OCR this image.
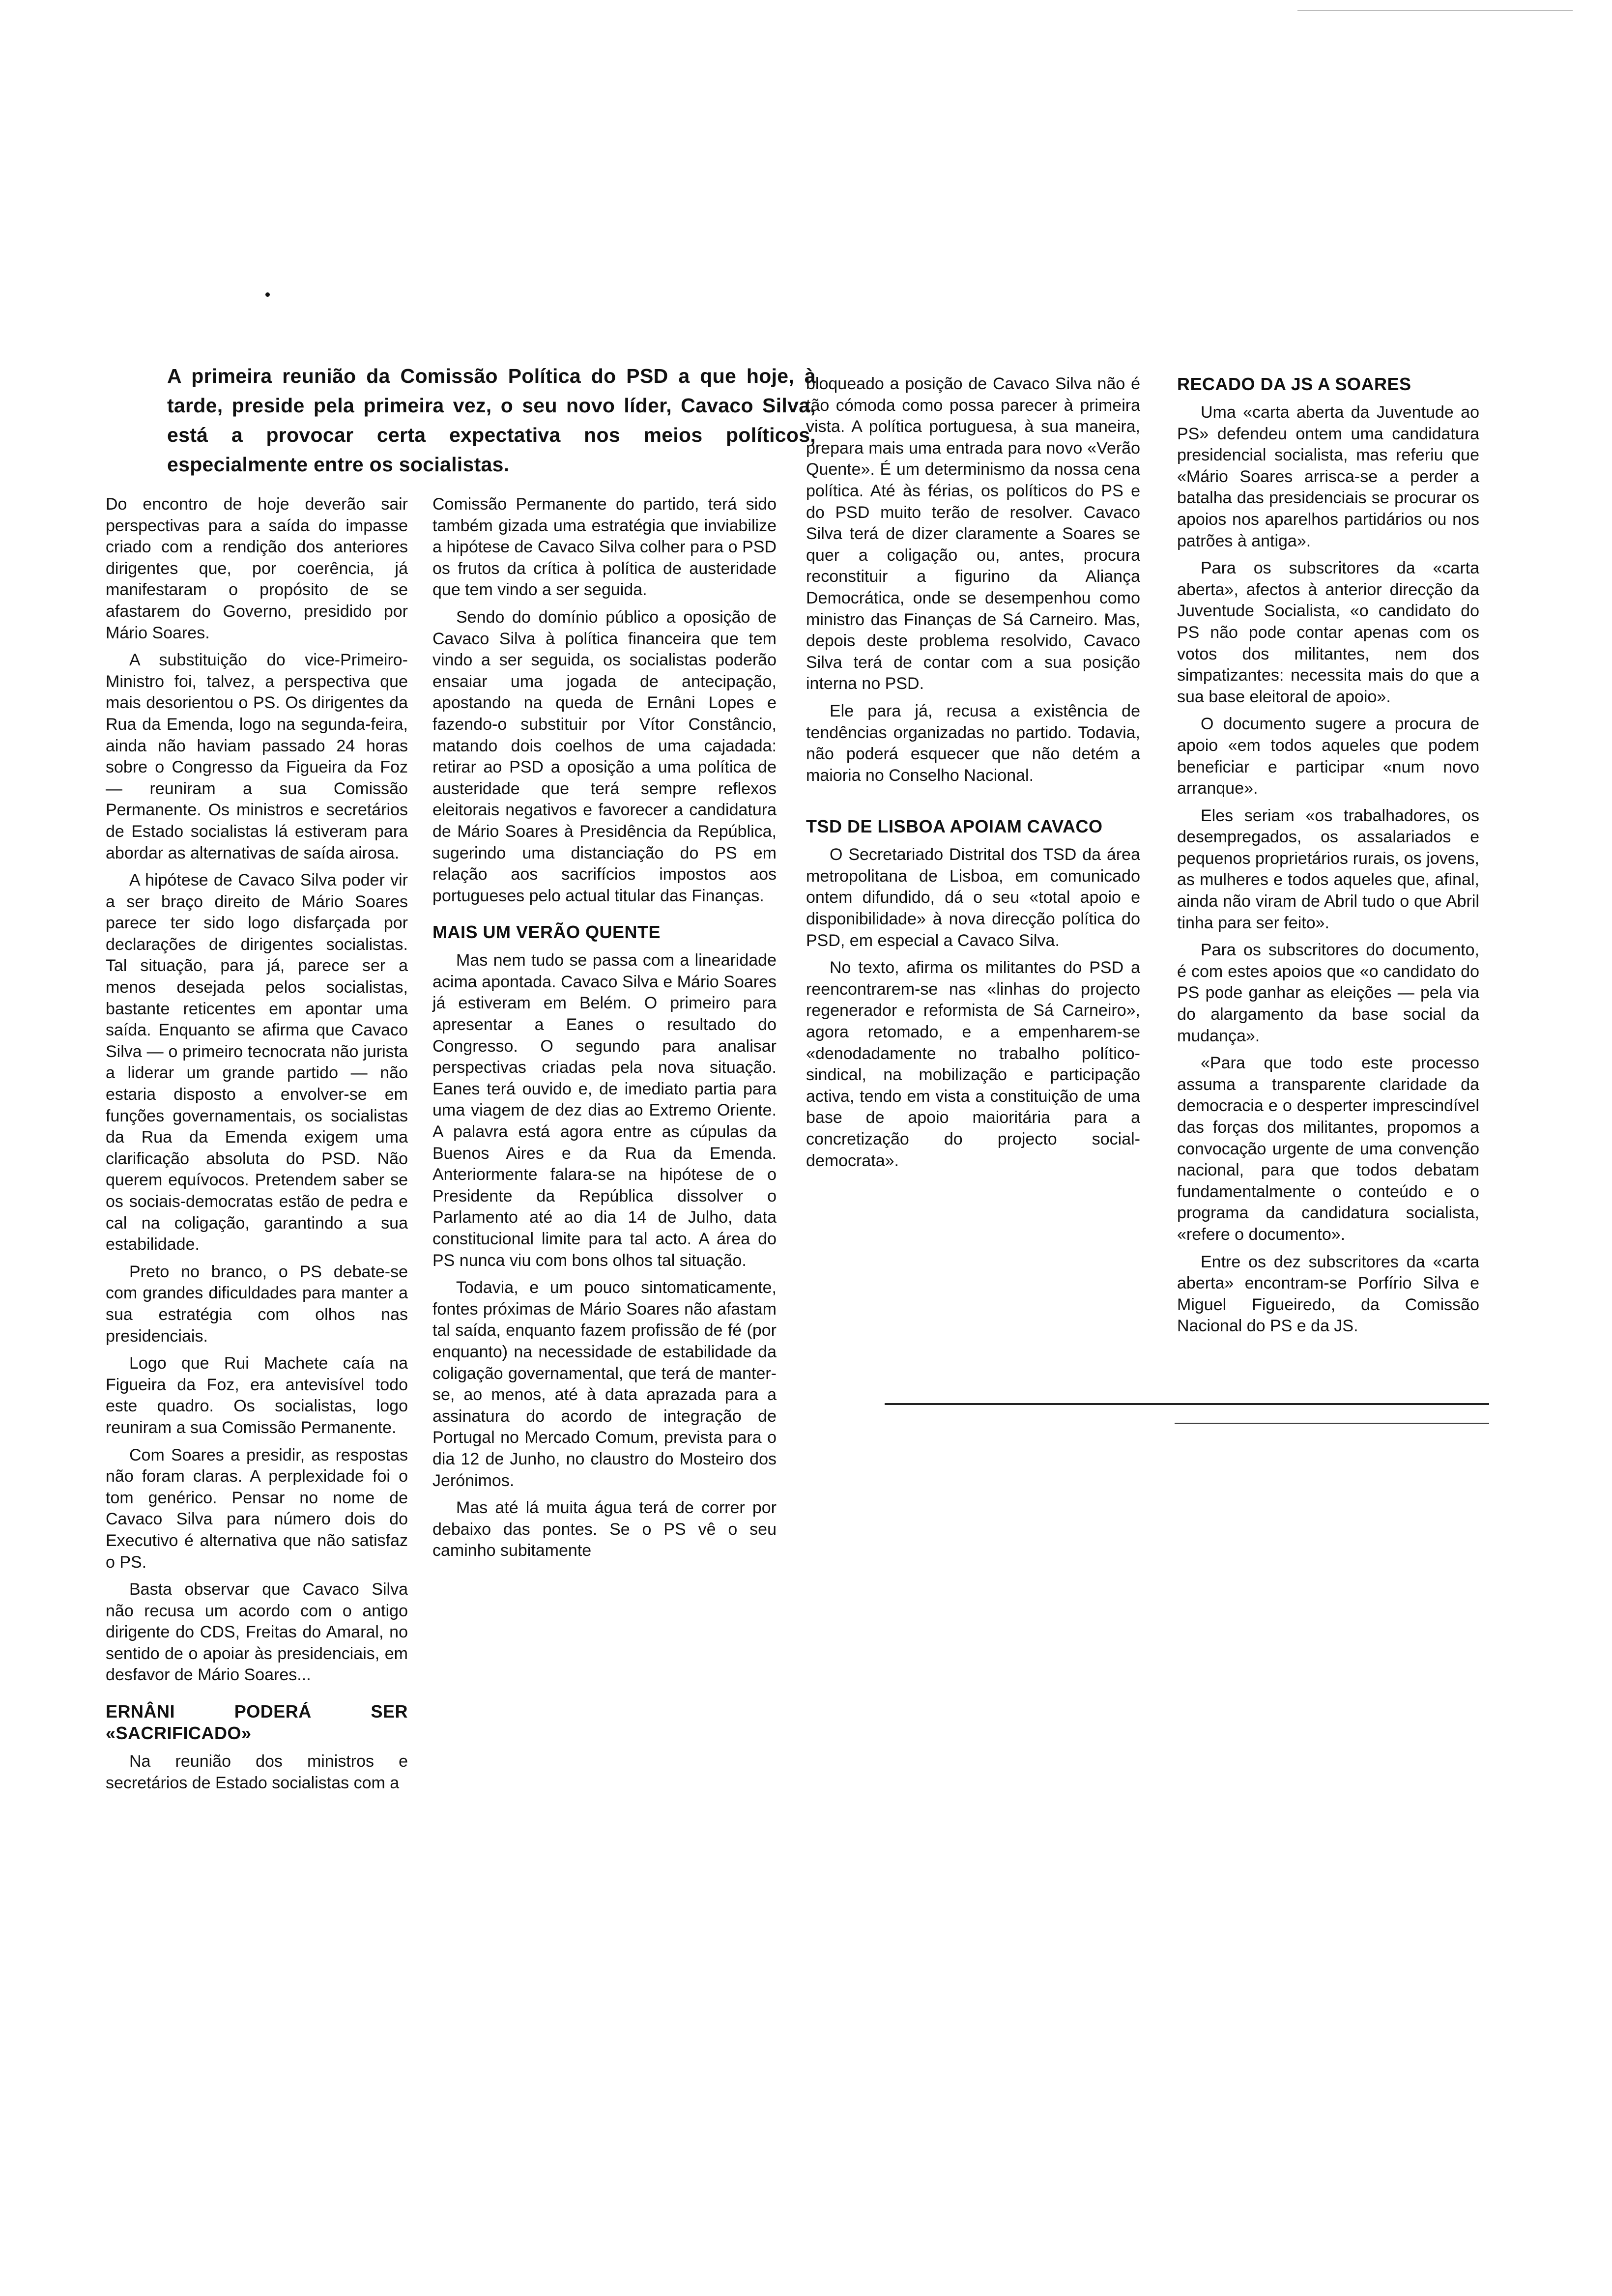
A primeira reunião da Comissão Política do PSD a que hoje, à tarde, preside pela primeira vez, o seu novo líder, Cavaco Silva, está a provocar certa expectativa nos meios políticos, especialmente entre os socialistas.

Do encontro de hoje deverão sair perspectivas para a saída do impasse criado com a rendição dos anteriores dirigentes que, por coerência, já manifestaram o propósito de se afastarem do Governo, presidido por Mário Soares.

A substituição do vice-Primeiro-Ministro foi, talvez, a perspectiva que mais desorientou o PS. Os dirigentes da Rua da Emenda, logo na segunda-feira, ainda não haviam passado 24 horas sobre o Congresso da Figueira da Foz — reuniram a sua Comissão Permanente. Os ministros e secretários de Estado socialistas lá estiveram para abordar as alternativas de saída airosa.

A hipótese de Cavaco Silva poder vir a ser braço direito de Mário Soares parece ter sido logo disfarçada por declarações de dirigentes socialistas. Tal situação, para já, parece ser a menos desejada pelos socialistas, bastante reticentes em apontar uma saída. Enquanto se afirma que Cavaco Silva — o primeiro tecnocrata não jurista a liderar um grande partido — não estaria disposto a envolver-se em funções governamentais, os socialistas da Rua da Emenda exigem uma clarificação absoluta do PSD. Não querem equívocos. Pretendem saber se os sociais-democratas estão de pedra e cal na coligação, garantindo a sua estabilidade.

Preto no branco, o PS debate-se com grandes dificuldades para manter a sua estratégia com olhos nas presidenciais.

Logo que Rui Machete caía na Figueira da Foz, era antevisível todo este quadro. Os socialistas, logo reuniram a sua Comissão Permanente.

Com Soares a presidir, as respostas não foram claras. A perplexidade foi o tom genérico. Pensar no nome de Cavaco Silva para número dois do Executivo é alternativa que não satisfaz o PS.

Basta observar que Cavaco Silva não recusa um acordo com o antigo dirigente do CDS, Freitas do Amaral, no sentido de o apoiar às presidenciais, em desfavor de Mário Soares...

ERNÂNI PODERÁ SER «SACRIFICADO»

Na reunião dos ministros e secretários de Estado socialistas com a

Comissão Permanente do partido, terá sido também gizada uma estratégia que inviabilize a hipótese de Cavaco Silva colher para o PSD os frutos da crítica à política de austeridade que tem vindo a ser seguida.

Sendo do domínio público a oposição de Cavaco Silva à política financeira que tem vindo a ser seguida, os socialistas poderão ensaiar uma jogada de antecipação, apostando na queda de Ernâni Lopes e fazendo-o substituir por Vítor Constâncio, matando dois coelhos de uma cajadada: retirar ao PSD a oposição a uma política de austeridade que terá sempre reflexos eleitorais negativos e favorecer a candidatura de Mário Soares à Presidência da República, sugerindo uma distanciação do PS em relação aos sacrifícios impostos aos portugueses pelo actual titular das Finanças.

MAIS UM VERÃO QUENTE

Mas nem tudo se passa com a linearidade acima apontada. Cavaco Silva e Mário Soares já estiveram em Belém. O primeiro para apresentar a Eanes o resultado do Congresso. O segundo para analisar perspectivas criadas pela nova situação. Eanes terá ouvido e, de imediato partia para uma viagem de dez dias ao Extremo Oriente. A palavra está agora entre as cúpulas da Buenos Aires e da Rua da Emenda. Anteriormente falara-se na hipótese de o Presidente da República dissolver o Parlamento até ao dia 14 de Julho, data constitucional limite para tal acto. A área do PS nunca viu com bons olhos tal situação.

Todavia, e um pouco sintomaticamente, fontes próximas de Mário Soares não afastam tal saída, enquanto fazem profissão de fé (por enquanto) na necessidade de estabilidade da coligação governamental, que terá de manter-se, ao menos, até à data aprazada para a assinatura do acordo de integração de Portugal no Mercado Comum, prevista para o dia 12 de Junho, no claustro do Mosteiro dos Jerónimos.

Mas até lá muita água terá de correr por debaixo das pontes. Se o PS vê o seu caminho subitamente

bloqueado a posição de Cavaco Silva não é tão cómoda como possa parecer à primeira vista. A política portuguesa, à sua maneira, prepara mais uma entrada para novo «Verão Quente». É um determinismo da nossa cena política. Até às férias, os políticos do PS e do PSD muito terão de resolver. Cavaco Silva terá de dizer claramente a Soares se quer a coligação ou, antes, procura reconstituir a figurino da Aliança Democrática, onde se desempenhou como ministro das Finanças de Sá Carneiro. Mas, depois deste problema resolvido, Cavaco Silva terá de contar com a sua posição interna no PSD.

Ele para já, recusa a existência de tendências organizadas no partido. Todavia, não poderá esquecer que não detém a maioria no Conselho Nacional.

TSD DE LISBOA APOIAM CAVACO

O Secretariado Distrital dos TSD da área metropolitana de Lisboa, em comunicado ontem difundido, dá o seu «total apoio e disponibilidade» à nova direcção política do PSD, em especial a Cavaco Silva.

No texto, afirma os militantes do PSD a reencontrarem-se nas «linhas do projecto regenerador e reformista de Sá Carneiro», agora retomado, e a empenharem-se «denodadamente no trabalho político-sindical, na mobilização e participação activa, tendo em vista a constituição de uma base de apoio maioritária para a concretização do projecto social-democrata».

RECADO DA JS A SOARES

Uma «carta aberta da Juventude ao PS» defendeu ontem uma candidatura presidencial socialista, mas referiu que «Mário Soares arrisca-se a perder a batalha das presidenciais se procurar os apoios nos aparelhos partidários ou nos patrões à antiga».

Para os subscritores da «carta aberta», afectos à anterior direcção da Juventude Socialista, «o candidato do PS não pode contar apenas com os votos dos militantes, nem dos simpatizantes: necessita mais do que a sua base eleitoral de apoio».

O documento sugere a procura de apoio «em todos aqueles que podem beneficiar e participar «num novo arranque».

Eles seriam «os trabalhadores, os desempregados, os assalariados e pequenos proprietários rurais, os jovens, as mulheres e todos aqueles que, afinal, ainda não viram de Abril tudo o que Abril tinha para ser feito».

Para os subscritores do documento, é com estes apoios que «o candidato do PS pode ganhar as eleições — pela via do alargamento da base social da mudança».

«Para que todo este processo assuma a transparente claridade da democracia e o desperter imprescindível das forças dos militantes, propomos a convocação urgente de uma convenção nacional, para que todos debatam fundamentalmente o conteúdo e o programa da candidatura socialista, «refere o documento».

Entre os dez subscritores da «carta aberta» encontram-se Porfírio Silva e Miguel Figueiredo, da Comissão Nacional do PS e da JS.
